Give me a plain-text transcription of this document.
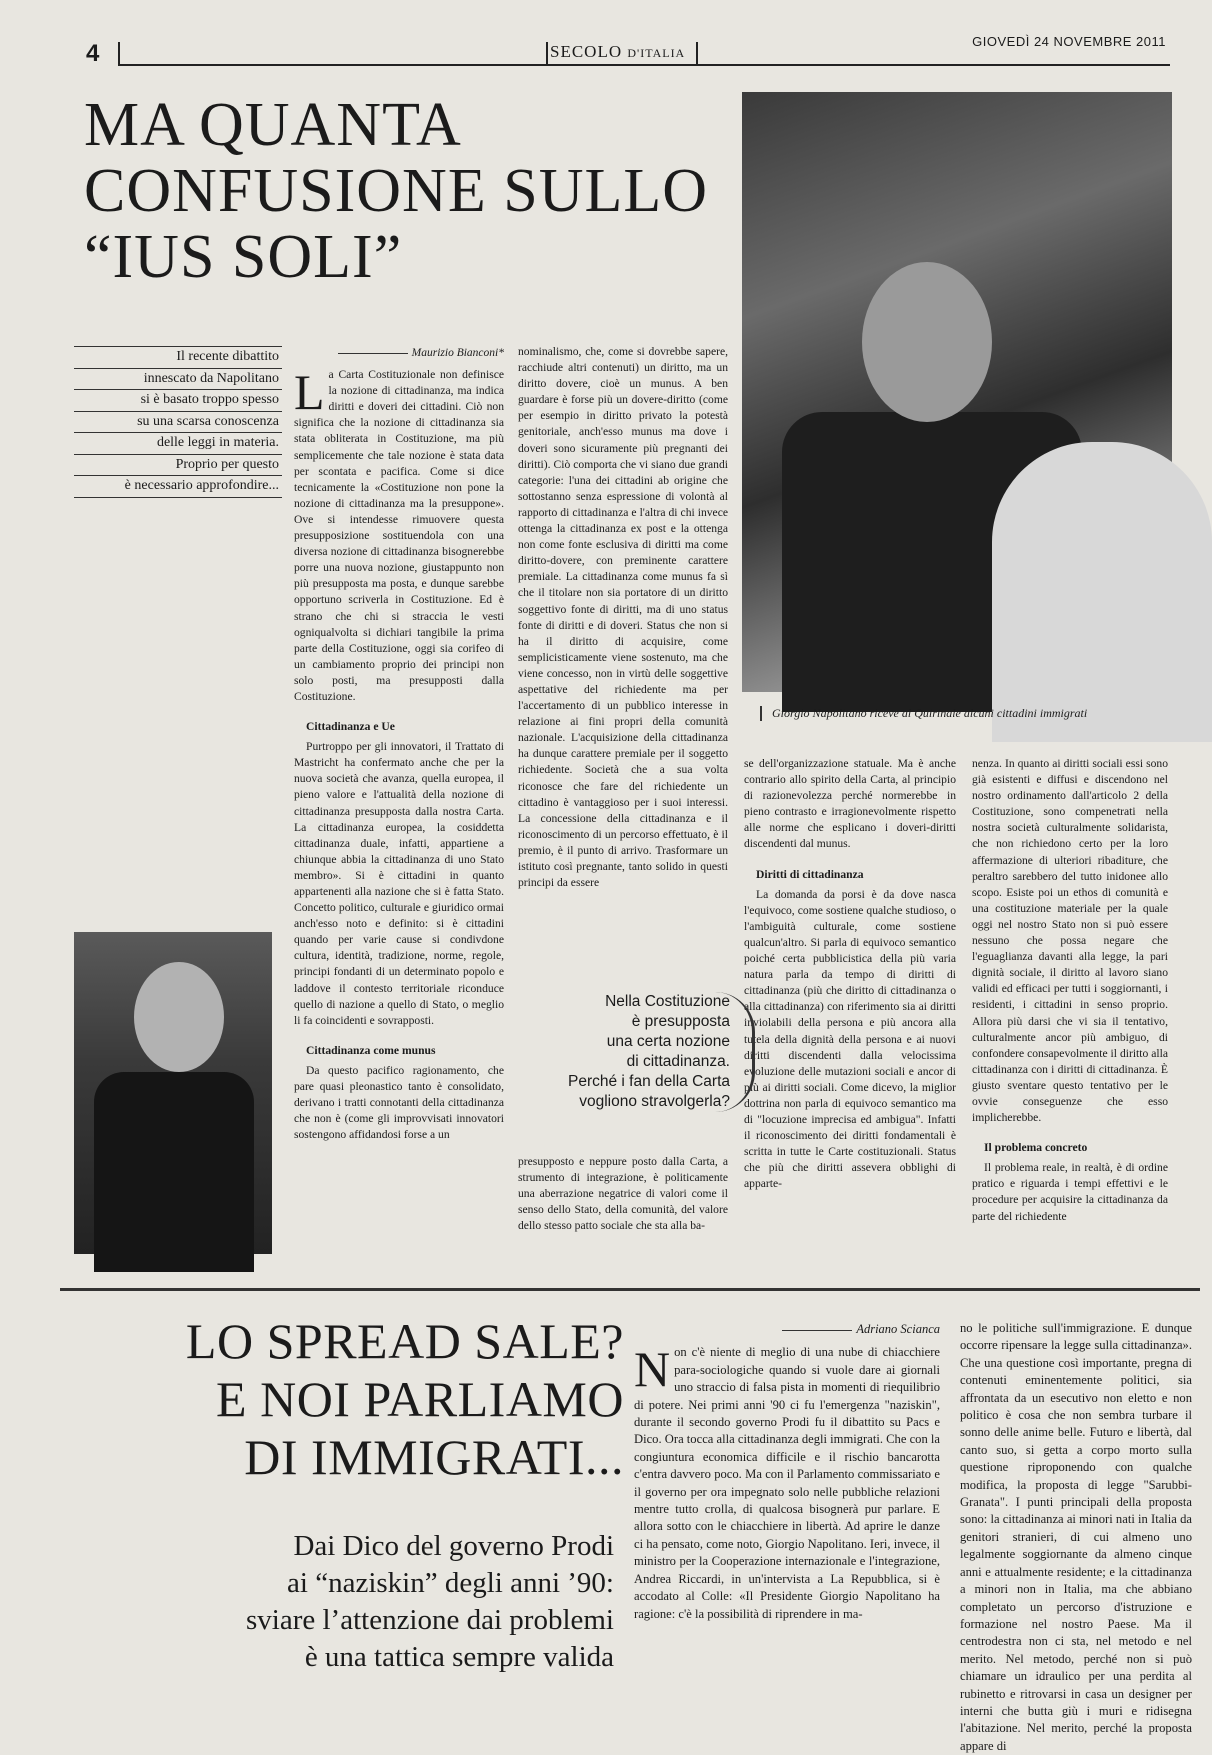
4	SECOLO D'ITALIA
GIOVEDÌ 24 NOVEMBRE 2011
MA QUANTA CONFUSIONE SULLO “IUS SOLI”
Il recente dibattito
innescato da Napolitano
si è basato troppo spesso
su una scarsa conoscenza
delle leggi in materia.
Proprio per questo
è necessario approfondire...
Maurizio Bianconi*

La Carta Costituzionale non definisce la nozione di cittadinanza, ma indica diritti e doveri dei cittadini. Ciò non significa che la nozione di cittadinanza sia stata obliterata in Costituzione, ma più semplicemente che tale nozione è stata data per scontata e pacifica. Come si dice tecnicamente la «Costituzione non pone la nozione di cittadinanza ma la presuppone». Ove si intendesse rimuovere questa presupposizione sostituendola con una diversa nozione di cittadinanza bisognerebbe porre una nuova nozione, giustappunto non più presupposta ma posta, e dunque sarebbe opportuno scriverla in Costituzione. Ed è strano che chi si straccia le vesti ogniqualvolta si dichiari tangibile la prima parte della Costituzione, oggi sia corifeo di un cambiamento proprio dei principi non solo posti, ma presupposti dalla Costituzione.

Cittadinanza e Ue

Purtroppo per gli innovatori, il Trattato di Mastricht ha confermato anche che per la nuova società che avanza, quella europea, il pieno valore e l'attualità della nozione di cittadinanza presupposta dalla nostra Carta. La cittadinanza europea, la cosiddetta cittadinanza duale, infatti, appartiene a chiunque abbia la cittadinanza di uno Stato membro». Si è cittadini in quanto appartenenti alla nazione che si è fatta Stato. Concetto politico, culturale e giuridico ormai anch'esso noto e definito: si è cittadini quando per varie cause si condivdone cultura, identità, tradizione, norme, regole, principi fondanti di un determinato popolo e laddove il contesto territoriale riconduce quello di nazione a quello di Stato, o meglio li fa coincidenti e sovrapposti.

Cittadinanza come munus

Da questo pacifico ragionamento, che pare quasi pleonastico tanto è consolidato, derivano i tratti connotanti della cittadinanza che non è (come gli improvvisati innovatori sostengono affidandosi forse a un

nominalismo, che, come si dovrebbe sapere, racchiude altri contenuti) un diritto, ma un diritto dovere, cioè un munus. A ben guardare è forse più un dovere-diritto (come per esempio in diritto privato la potestà genitoriale, anch'esso munus ma dove i doveri sono sicuramente più pregnanti dei diritti). Ciò comporta che vi siano due grandi categorie: l'una dei cittadini ab origine che sottostanno senza espressione di volontà al rapporto di cittadinanza e l'altra di chi invece ottenga la cittadinanza ex post e la ottenga non come fonte esclusiva di diritti ma come diritto-dovere, con preminente carattere premiale. La cittadinanza come munus fa sì che il titolare non sia portatore di un diritto soggettivo fonte di diritti, ma di uno status fonte di diritti e di doveri. Status che non si ha il diritto di acquisire, come semplicisticamente viene sostenuto, ma che viene concesso, non in virtù delle soggettive aspettative del richiedente ma per l'accertamento di un pubblico interesse in relazione ai fini propri della comunità nazionale. L'acquisizione della cittadinanza ha dunque carattere premiale per il soggetto richiedente. Società che a sua volta riconosce che fare del richiedente un cittadino è vantaggioso per i suoi interessi. La concessione della cittadinanza e il riconoscimento di un percorso effettuato, è il premio, è il punto di arrivo. Trasformare un istituto così pregnante, tanto solido in questi principi da essere

presupposto e neppure posto dalla Carta, a strumento di integrazione, è politicamente una aberrazione negatrice di valori come il senso dello Stato, della comunità, del valore dello stesso patto sociale che sta alla ba-

Giorgio Napolitano riceve al Quirinale alcuni cittadini immigrati

se dell'organizzazione statuale. Ma è anche contrario allo spirito della Carta, al principio di razionevolezza perché normerebbe in pieno contrasto e irragionevolmente rispetto alle norme che esplicano i doveri-diritti discendenti dal munus.

Diritti di cittadinanza

La domanda da porsi è da dove nasca l'equivoco, come sostiene qualche studioso, o l'ambiguità culturale, come sostiene qualcun'altro. Si parla di equivoco semantico poiché certa pubblicistica della più varia natura parla da tempo di diritti di cittadinanza (più che diritto di cittadinanza o alla cittadinanza) con riferimento sia ai diritti inviolabili della persona e più ancora alla tutela della dignità della persona e ai nuovi diritti discendenti dalla velocissima evoluzione delle mutazioni sociali e ancor di più ai diritti sociali. Come dicevo, la miglior dottrina non parla di equivoco semantico ma di "locuzione imprecisa ed ambigua". Infatti il riconoscimento dei diritti fondamentali è scritta in tutte le Carte costituzionali. Status che più che diritti assevera obblighi di apparte-

nenza. In quanto ai diritti sociali essi sono già esistenti e diffusi e discendono nel nostro ordinamento dall'articolo 2 della Costituzione, sono compenetrati nella nostra società culturalmente solidarista, che non richiedono certo per la loro affermazione di ulteriori ribaditure, che peraltro sarebbero del tutto inidonee allo scopo. Esiste poi un ethos di comunità e una costituzione materiale per la quale oggi nel nostro Stato non si può essere nessuno che possa negare che l'eguaglianza davanti alla legge, la pari dignità sociale, il diritto al lavoro siano validi ed efficaci per tutti i soggiornanti, i residenti, i cittadini in senso proprio. Allora più darsi che vi sia il tentativo, culturalmente ancor più ambiguo, di confondere consapevolmente il diritto alla cittadinanza con i diritti di cittadinanza. È giusto sventare questo tentativo per le ovvie conseguenze che esso implicherebbe.

Il problema concreto

Il problema reale, in realtà, è di ordine pratico e riguarda i tempi effettivi e le procedure per acquisire la cittadinanza da parte del richiedente

Nella Costituzione
è presupposta
una certa nozione
di cittadinanza.
Perché i fan della Carta
vogliono stravolgerla?
LO SPREAD SALE?
E NOI PARLIAMO
DI IMMIGRATI...
Dai Dico del governo Prodi
ai “naziskin” degli anni ’90:
sviare l’attenzione dai problemi
è una tattica sempre valida
Adriano Scianca

Non c'è niente di meglio di una nube di chiacchiere para-sociologiche quando si vuole dare ai giornali uno straccio di falsa pista in momenti di riequilibrio di potere. Nei primi anni '90 ci fu l'emergenza "naziskin", durante il secondo governo Prodi fu il dibattito su Pacs e Dico. Ora tocca alla cittadinanza degli immigrati. Che con la congiuntura economica difficile e il rischio bancarotta c'entra davvero poco. Ma con il Parlamento commissariato e il governo per ora impegnato solo nelle pubbliche relazioni mentre tutto crolla, di qualcosa bisognerà pur parlare. E allora sotto con le chiacchiere in libertà. Ad aprire le danze ci ha pensato, come noto, Giorgio Napolitano. Ieri, invece, il ministro per la Cooperazione internazionale e l'integrazione, Andrea Riccardi, in un'intervista a La Repubblica, si è accodato al Colle: «Il Presidente Giorgio Napolitano ha ragione: c'è la possibilità di riprendere in ma-

no le politiche sull'immigrazione. E dunque occorre ripensare la legge sulla cittadinanza». Che una questione così importante, pregna di contenuti eminentemente politici, sia affrontata da un esecutivo non eletto e non politico è cosa che non sembra turbare il sonno delle anime belle. Futuro e libertà, dal canto suo, si getta a corpo morto sulla questione riproponendo con qualche modifica, la proposta di legge "Sarubbi-Granata". I punti principali della proposta sono: la cittadinanza ai minori nati in Italia da genitori stranieri, di cui almeno uno legalmente soggiornante da almeno cinque anni e attualmente residente; e la cittadinanza a minori non in Italia, ma che abbiano completato un percorso d'istruzione e formazione nel nostro Paese. Ma il centrodestra non ci sta, nel metodo e nel merito. Nel metodo, perché non si può chiamare un idraulico per una perdita al rubinetto e ritrovarsi in casa un designer per interni che butta giù i muri e ridisegna l'abitazione. Nel merito, perché la proposta appare di
